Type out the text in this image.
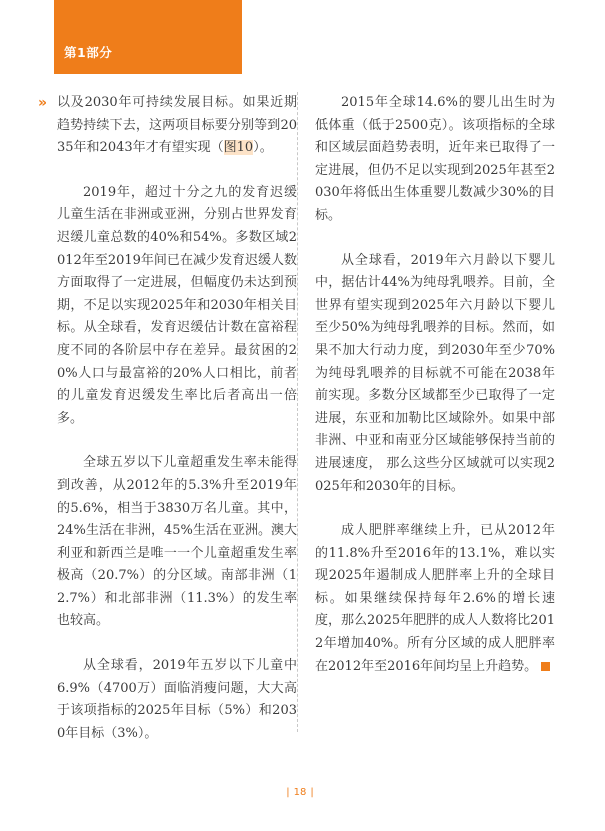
第1部分
» 以及2030年可持续发展目标。如果近期趋势持续下去，这两项目标要分别等到2035年和2043年才有望实现（图10）。

2019年，超过十分之九的发育迟缓儿童生活在非洲或亚洲，分别占世界发育迟缓儿童总数的40%和54%。多数区域2012年至2019年间已在减少发育迟缓人数方面取得了一定进展，但幅度仍未达到预期，不足以实现2025年和2030年相关目标。从全球看，发育迟缓估计数在富裕程度不同的各阶层中存在差异。最贫困的20%人口与最富裕的20%人口相比，前者的儿童发育迟缓发生率比后者高出一倍多。

全球五岁以下儿童超重发生率未能得到改善，从2012年的5.3%升至2019年的5.6%，相当于3830万名儿童。其中，24%生活在非洲，45%生活在亚洲。澳大利亚和新西兰是唯一一个儿童超重发生率极高（20.7%）的分区域。南部非洲（12.7%）和北部非洲（11.3%）的发生率也较高。

从全球看，2019年五岁以下儿童中6.9%（4700万）面临消瘦问题，大大高于该项指标的2025年目标（5%）和2030年目标（3%）。

2015年全球14.6%的婴儿出生时为低体重（低于2500克）。该项指标的全球和区域层面趋势表明，近年来已取得了一定进展，但仍不足以实现到2025年甚至2030年将低出生体重婴儿数减少30%的目标。

从全球看，2019年六月龄以下婴儿中，据估计44%为纯母乳喂养。目前，全世界有望实现到2025年六月龄以下婴儿至少50%为纯母乳喂养的目标。然而，如果不加大行动力度，到2030年至少70%为纯母乳喂养的目标就不可能在2038年前实现。多数分区域都至少已取得了一定进展，东亚和加勒比区域除外。如果中部非洲、中亚和南亚分区域能够保持当前的进展速度， 那么这些分区域就可以实现2025年和2030年的目标。

成人肥胖率继续上升，已从2012年的11.8%升至2016年的13.1%，难以实现2025年遏制成人肥胖率上升的全球目标。如果继续保持每年2.6%的增长速度，那么2025年肥胖的成人人数将比2012年增加40%。所有分区域的成人肥胖率在2012年至2016年间均呈上升趋势。

| 18 |
